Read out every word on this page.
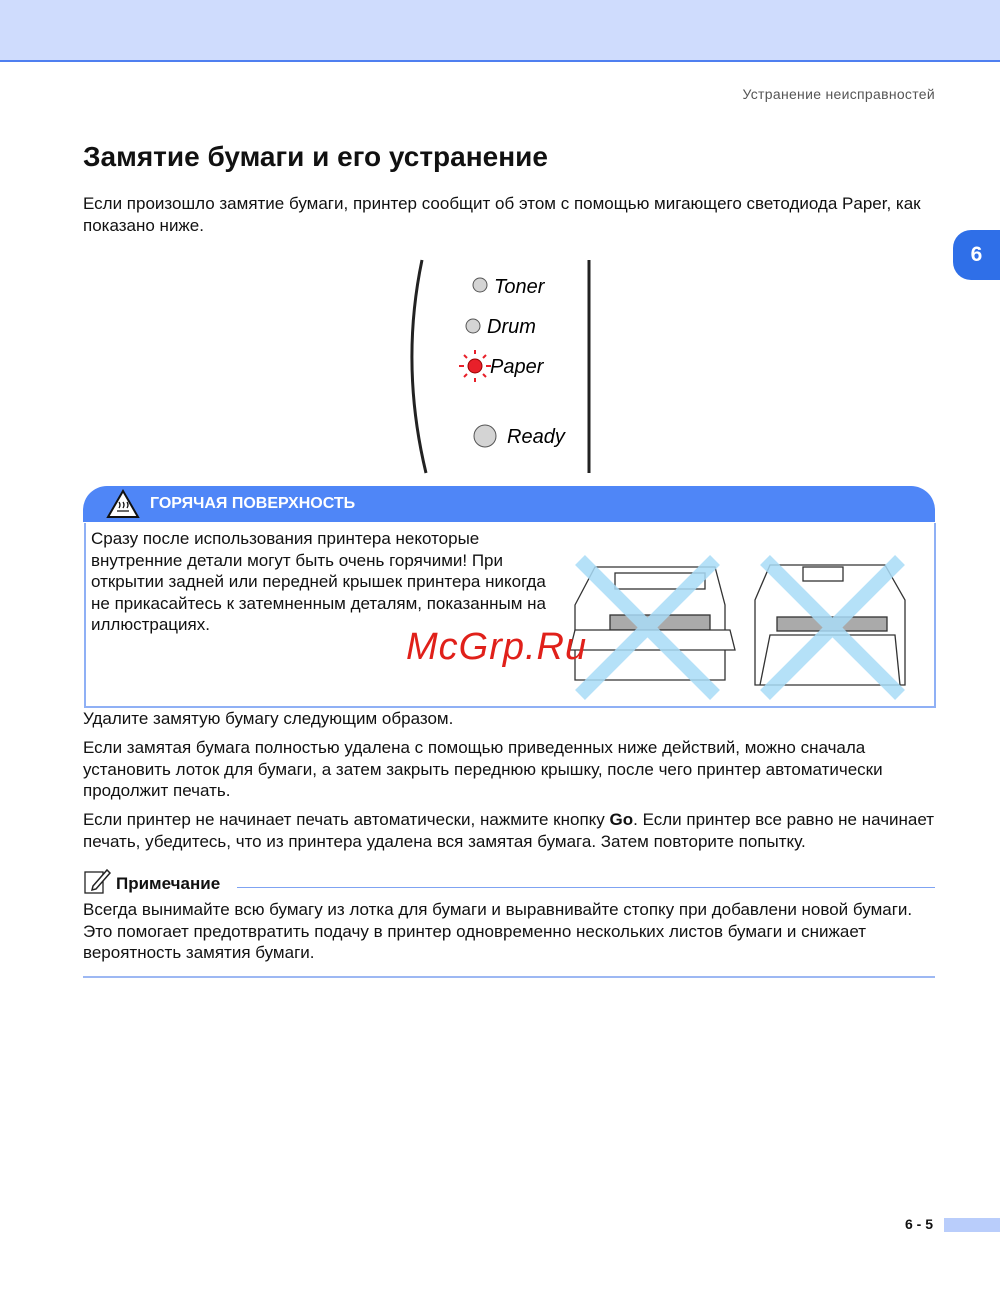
Устранение неисправностей
6
Замятие бумаги и его устранение
Если произошло замятие бумаги, принтер сообщит об этом с помощью мигающего светодиода Paper, как показано ниже.
Toner
Drum
Paper
Ready
ГОРЯЧАЯ ПОВЕРХНОСТЬ
Сразу после использования принтера некоторые внутренние детали могут быть очень горячими! При открытии задней или передней крышек принтера никогда не прикасайтесь к затемненным деталям, показанным на иллюстрациях.
McGrp.Ru
Удалите замятую бумагу следующим образом.
Если замятая бумага полностью удалена с помощью приведенных ниже действий, можно сначала установить лоток для бумаги, а затем закрыть переднюю крышку, после чего принтер автоматически продолжит печать.
Если принтер не начинает печать автоматически, нажмите кнопку Go. Если принтер все равно не начинает печать, убедитесь, что из принтера удалена вся замятая бумага. Затем повторите попытку.
Примечание
Всегда вынимайте всю бумагу из лотка для бумаги и выравнивайте стопку при добавлени новой бумаги. Это помогает предотвратить подачу в принтер одновременно нескольких листов бумаги и снижает вероятность замятия бумаги.
6 - 5
